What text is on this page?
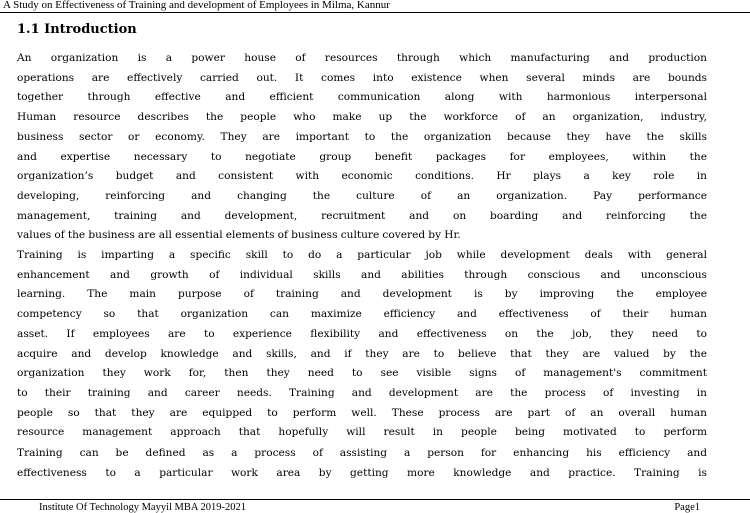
A Study on Effectiveness of Training and development of Employees in Milma, Kannur
1.1 Introduction
An organization is a power house of resources through which manufacturing and production
operations are effectively carried out. It comes into existence when several minds are bounds
together through effective and efficient communication along with harmonious interpersonal
Human resource describes the people who make up the workforce of an organization, industry,
business sector or economy. They are important to the organization because they have the skills
and expertise necessary to negotiate group benefit packages for employees, within the
organization’s budget and consistent with economic conditions. Hr plays a key role in
developing, reinforcing and changing the culture of an organization. Pay performance
management, training and development, recruitment and on boarding and reinforcing the
values of the business are all essential elements of business culture covered by Hr.
Training is imparting a specific skill to do a particular job while development deals with general
enhancement and growth of individual skills and abilities through conscious and unconscious
learning. The main purpose of training and development is by improving the employee
competency so that organization can maximize efficiency and effectiveness of their human
asset. If employees are to experience flexibility and effectiveness on the job, they need to
acquire and develop knowledge and skills, and if they are to believe that they are valued by the
organization they work for, then they need to see visible signs of management's commitment
to their training and career needs. Training and development are the process of investing in
people so that they are equipped to perform well. These process are part of an overall human
resource management approach that hopefully will result in people being motivated to perform
Training can be defined as a process of assisting a person for enhancing his efficiency and
effectiveness to a particular work area by getting more knowledge and practice. Training is
Institute Of Technology Mayyil MBA 2019-2021	Page1
